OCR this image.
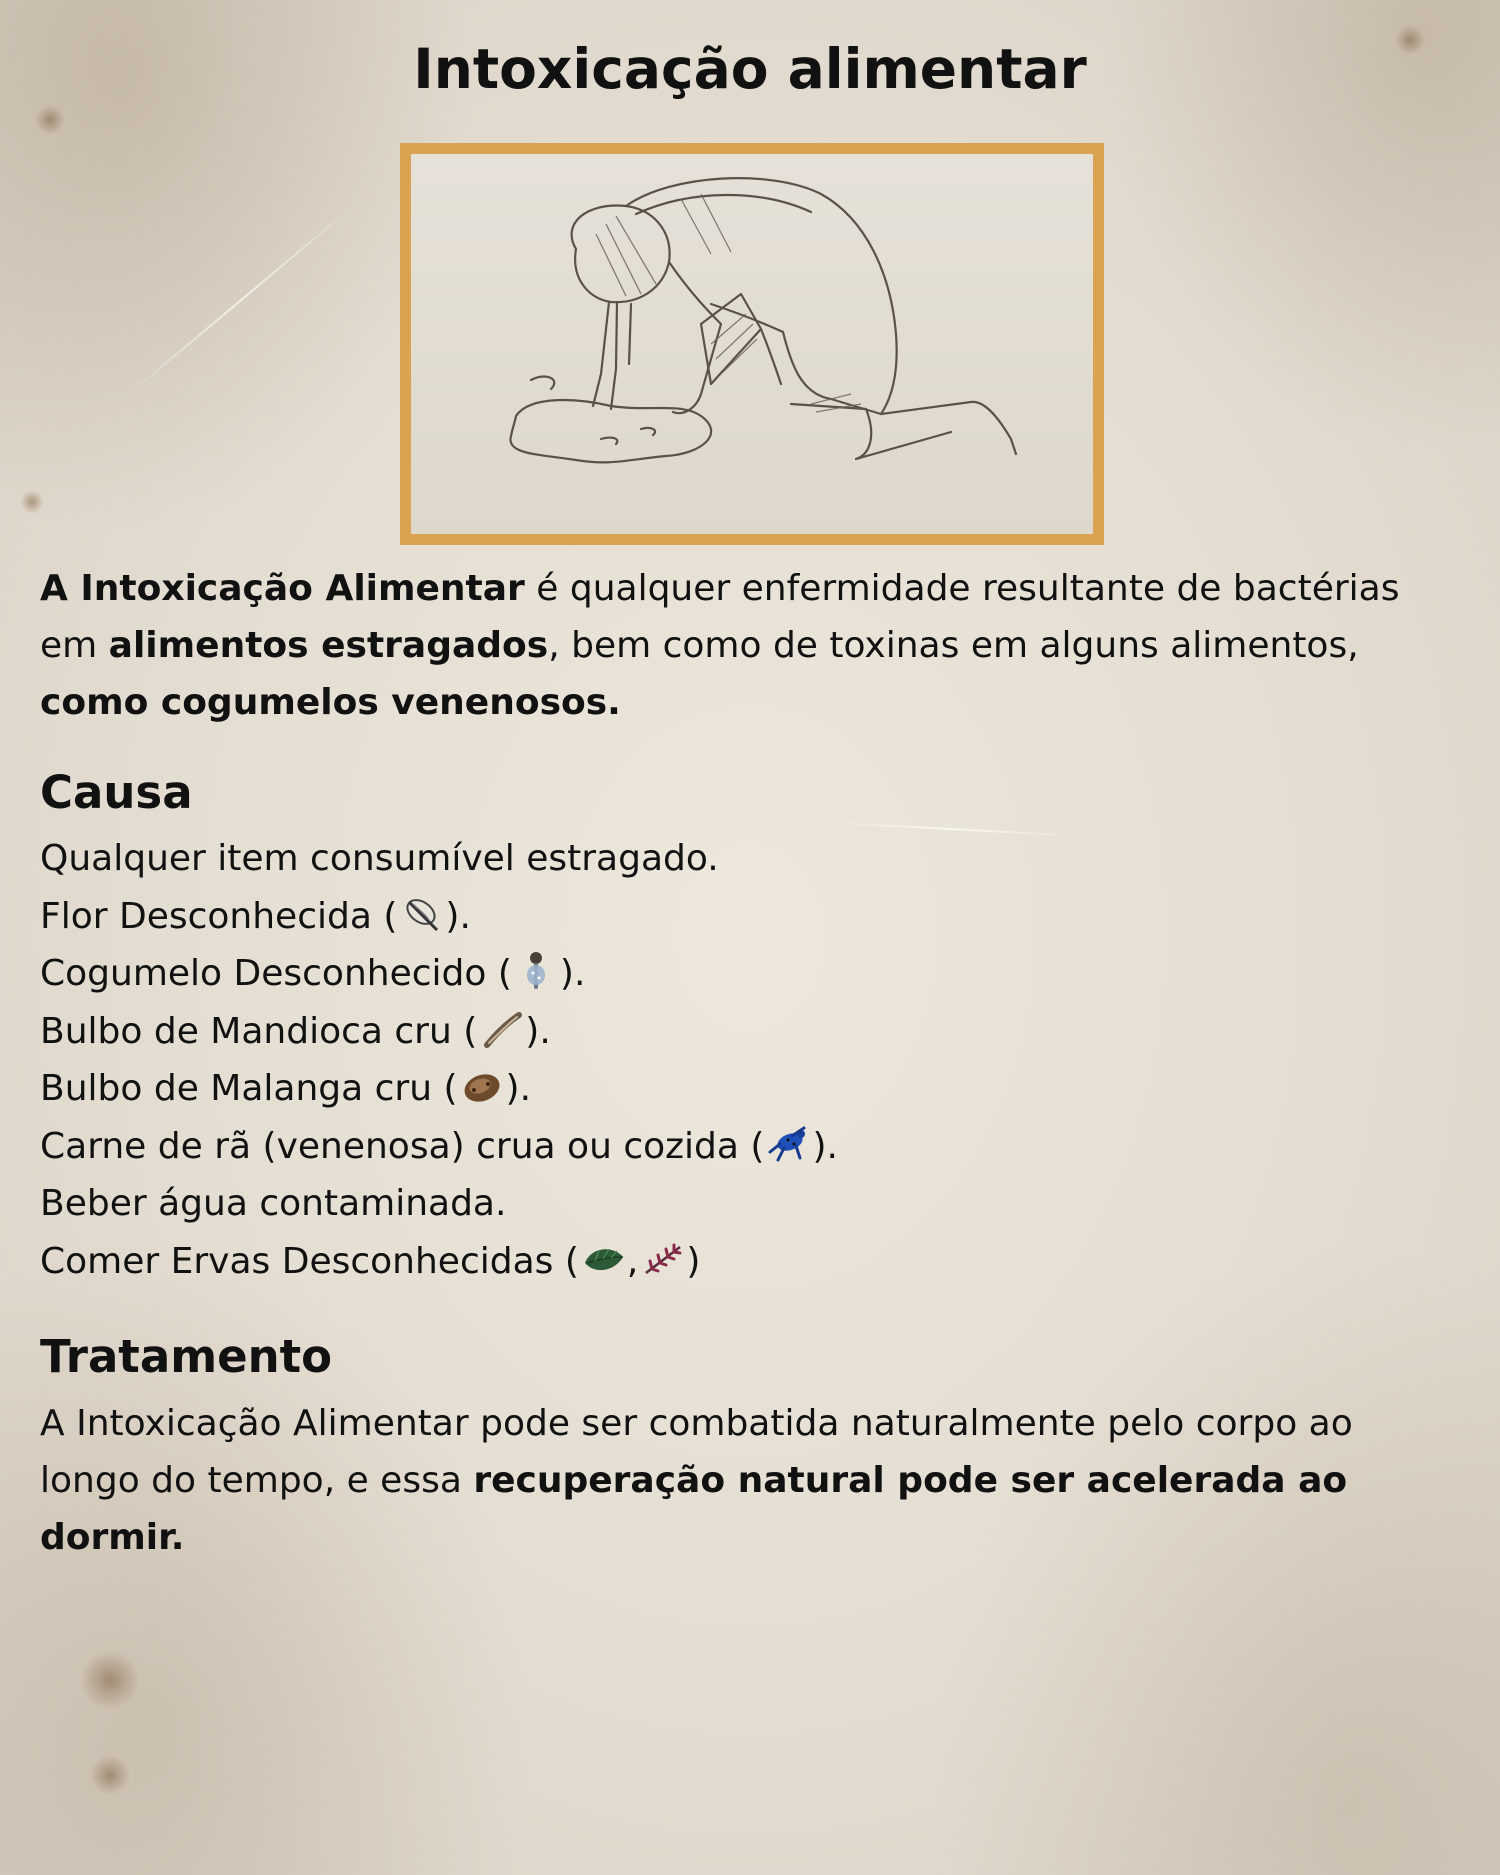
Intoxicação alimentar

A Intoxicação Alimentar é qualquer enfermidade resultante de bactérias em alimentos estragados, bem como de toxinas em alguns alimentos, como cogumelos venenosos.

Causa
Qualquer item consumível estragado.
Flor Desconhecida ( ).
Cogumelo Desconhecido ( ).
Bulbo de Mandioca cru ( ).
Bulbo de Malanga cru ( ).
Carne de rã (venenosa) crua ou cozida ( ).
Beber água contaminada.
Comer Ervas Desconhecidas ( , )
Tratamento

A Intoxicação Alimentar pode ser combatida naturalmente pelo corpo ao longo do tempo, e essa recuperação natural pode ser acelerada ao dormir.
